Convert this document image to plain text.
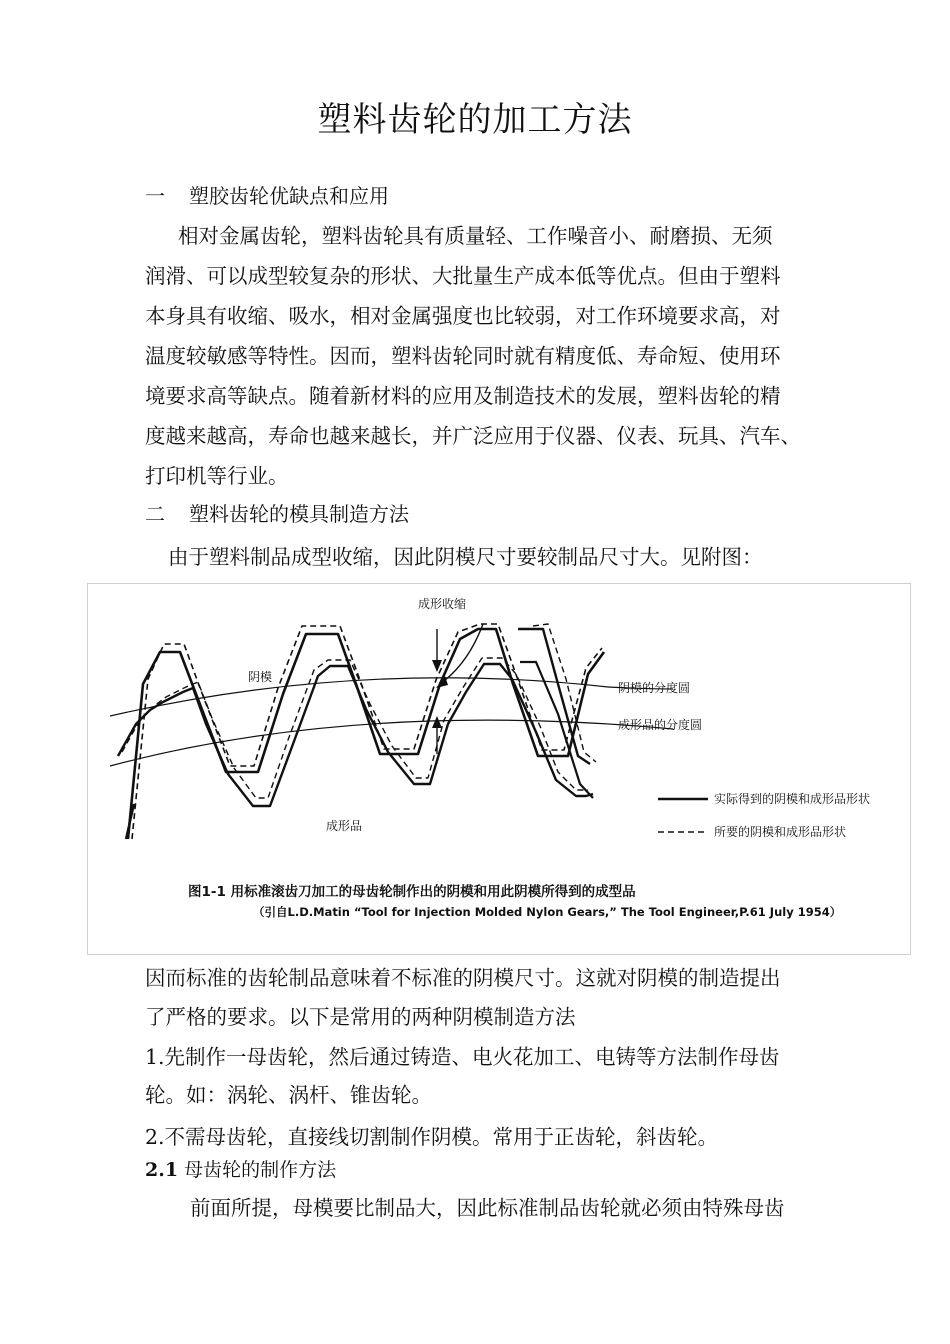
塑料齿轮的加工方法
一 塑胶齿轮优缺点和应用
相对金属齿轮，塑料齿轮具有质量轻、工作噪音小、耐磨损、无须
润滑、可以成型较复杂的形状、大批量生产成本低等优点。但由于塑料
本身具有收缩、吸水，相对金属强度也比较弱，对工作环境要求高，对
温度较敏感等特性。因而，塑料齿轮同时就有精度低、寿命短、使用环
境要求高等缺点。随着新材料的应用及制造技术的发展，塑料齿轮的精
度越来越高，寿命也越来越长，并广泛应用于仪器、仪表、玩具、汽车、
打印机等行业。
二 塑料齿轮的模具制造方法
由于塑料制品成型收缩，因此阴模尺寸要较制品尺寸大。见附图：
成形收缩
阴模
成形品
阴模的分度圆
成形品的分度圆
实际得到的阴模和成形品形状
所要的阴模和成形品形状
图1-1 用标准滚齿刀加工的母齿轮制作出的阴模和用此阴模所得到的成型品
（引自L.D.Matin “Tool for Injection Molded Nylon Gears,” The Tool Engineer,P.61 July 1954）
因而标准的齿轮制品意味着不标准的阴模尺寸。这就对阴模的制造提出
了严格的要求。以下是常用的两种阴模制造方法
1.先制作一母齿轮，然后通过铸造、电火花加工、电铸等方法制作母齿
轮。如：涡轮、涡杆、锥齿轮。
2.不需母齿轮，直接线切割制作阴模。常用于正齿轮，斜齿轮。
2.1 母齿轮的制作方法
前面所提，母模要比制品大，因此标准制品齿轮就必须由特殊母齿
